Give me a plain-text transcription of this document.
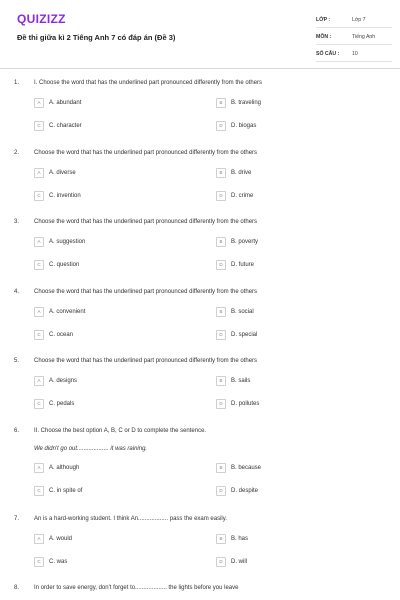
QUIZIZZ
Đề thi giữa kì 2 Tiếng Anh 7 có đáp án (Đề 3)
LỚP :	Lớp 7
MÔN :	Tiếng Anh
SỐ CÂU :	10
1. I. Choose the word that has the underlined part pronounced differently from the others
A	A. abundant	B	B. traveling
C	C. character	D	D. biogas
2. Choose the word that has the underlined part pronounced differently from the others
A	A. diverse	B	B. drive
C	C. invention	D	D. crime
3. Choose the word that has the underlined part pronounced differently from the others
A	A. suggestion	B	B. poverty
C	C. question	D	D. future
4. Choose the word that has the underlined part pronounced differently from the others
A	A. convenient	B	B. social
C	C. ocean	D	D. special
5. Choose the word that has the underlined part pronounced differently from the others
A	A. designs	B	B. sails
C	C. pedals	D	D. pollutes
6. II. Choose the best option A, B, C or D to complete the sentence.
We didn't go out................... it was raining.
A	A. although	B	B. because
C	C. in spite of	D	D. despite
7. An is a hard-working student. I think An.................. pass the exam easily.
A	A. would	B	B. has
C	C. was	D	D. will
8. In order to save energy, don't forget to................... the lights before you leave
